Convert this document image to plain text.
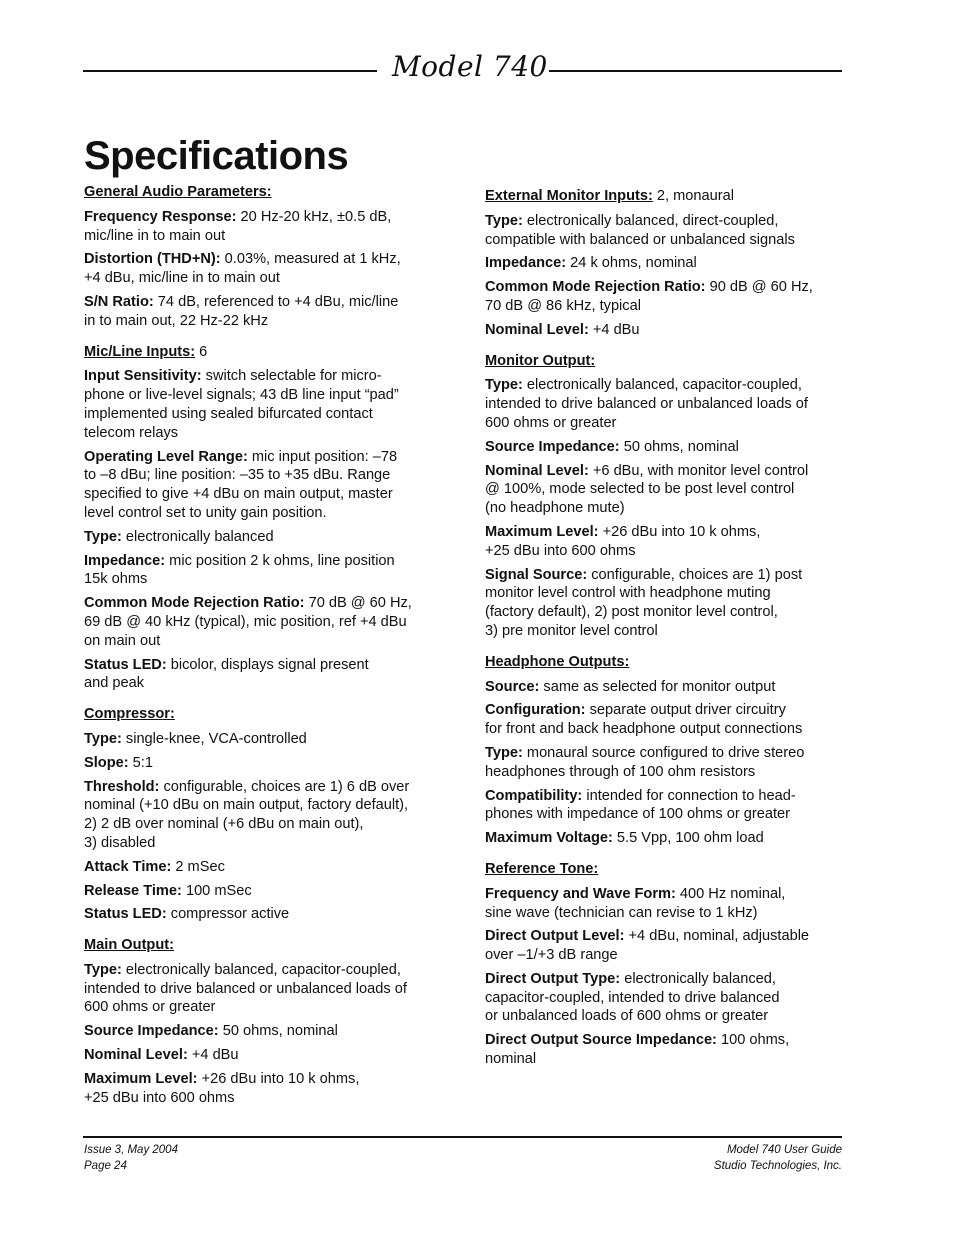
Model 740
Specifications
General Audio Parameters:
Frequency Response: 20 Hz-20 kHz, ±0.5 dB,
mic/line in to main out
Distortion (THD+N): 0.03%, measured at 1 kHz,
+4 dBu, mic/line in to main out
S/N Ratio: 74 dB, referenced to +4 dBu, mic/line
in to main out, 22 Hz-22 kHz
Mic/Line Inputs: 6
Input Sensitivity: switch selectable for micro-
phone or live-level signals; 43 dB line input “pad”
implemented using sealed bifurcated contact
telecom relays
Operating Level Range: mic input position: –78
to –8 dBu; line position: –35 to +35 dBu. Range
specified to give +4 dBu on main output, master
level control set to unity gain position.
Type: electronically balanced
Impedance: mic position 2 k ohms, line position
15k ohms
Common Mode Rejection Ratio: 70 dB @ 60 Hz,
69 dB @ 40 kHz (typical), mic position, ref +4 dBu
on main out
Status LED: bicolor, displays signal present
and peak
Compressor:
Type: single-knee, VCA-controlled
Slope: 5:1
Threshold: configurable, choices are 1) 6 dB over
nominal (+10 dBu on main output, factory default),
2) 2 dB over nominal (+6 dBu on main out),
3) disabled
Attack Time: 2 mSec
Release Time: 100 mSec
Status LED: compressor active
Main Output:
Type: electronically balanced, capacitor-coupled,
intended to drive balanced or unbalanced loads of
600 ohms or greater
Source Impedance: 50 ohms, nominal
Nominal Level: +4 dBu
Maximum Level: +26 dBu into 10 k ohms,
+25 dBu into 600 ohms
External Monitor Inputs: 2, monaural
Type: electronically balanced, direct-coupled,
compatible with balanced or unbalanced signals
Impedance: 24 k ohms, nominal
Common Mode Rejection Ratio: 90 dB @ 60 Hz,
70 dB @ 86 kHz, typical
Nominal Level: +4 dBu
Monitor Output:
Type: electronically balanced, capacitor-coupled,
intended to drive balanced or unbalanced loads of
600 ohms or greater
Source Impedance: 50 ohms, nominal
Nominal Level: +6 dBu, with monitor level control
@ 100%, mode selected to be post level control
(no headphone mute)
Maximum Level: +26 dBu into 10 k ohms,
+25 dBu into 600 ohms
Signal Source: configurable, choices are 1) post
monitor level control with headphone muting
(factory default), 2) post monitor level control,
3) pre monitor level control
Headphone Outputs:
Source: same as selected for monitor output
Configuration: separate output driver circuitry
for front and back headphone output connections
Type: monaural source configured to drive stereo
headphones through of 100 ohm resistors
Compatibility: intended for connection to head-
phones with impedance of 100 ohms or greater
Maximum Voltage: 5.5 Vpp, 100 ohm load
Reference Tone:
Frequency and Wave Form: 400 Hz nominal,
sine wave (technician can revise to 1 kHz)
Direct Output Level: +4 dBu, nominal, adjustable
over –1/+3 dB range
Direct Output Type: electronically balanced,
capacitor-coupled, intended to drive balanced
or unbalanced loads of 600 ohms or greater
Direct Output Source Impedance: 100 ohms,
nominal
Issue 3, May 2004
Page 24
Model 740 User Guide
Studio Technologies, Inc.
